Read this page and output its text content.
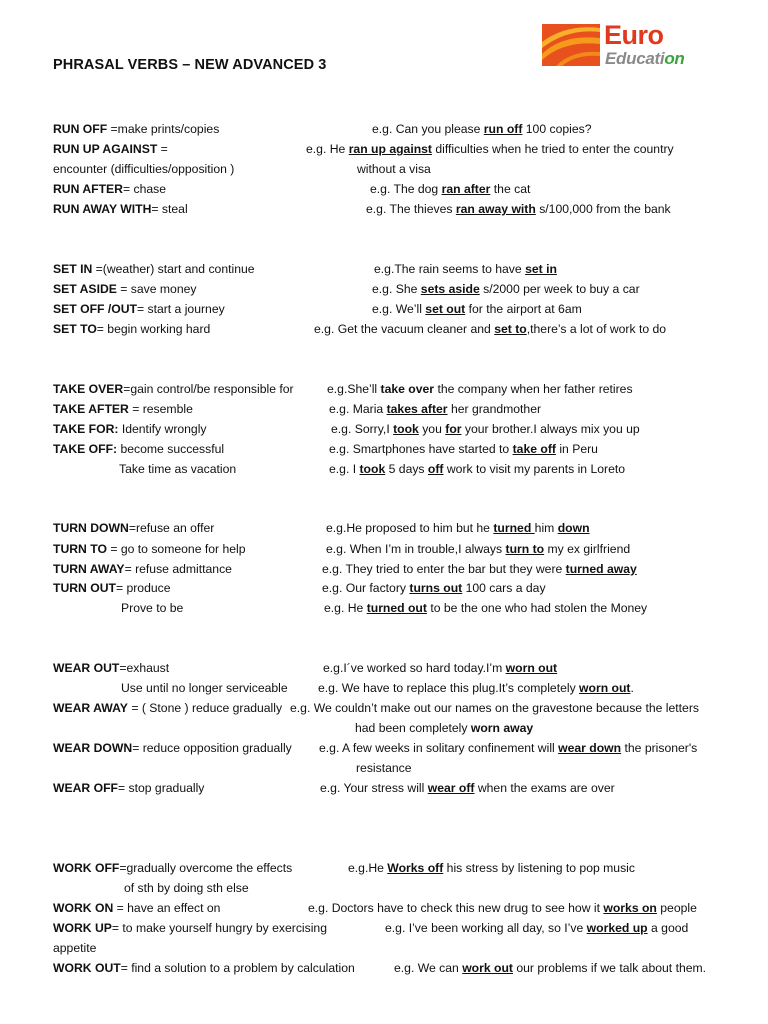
PHRASAL VERBS – NEW ADVANCED 3
Euro
Education
RUN OFF =make prints/copies	e.g. Can you please run off 100 copies?
RUN UP AGAINST =	e.g. He ran up against difficulties when he tried to enter the country
encounter (difficulties/opposition )	without a visa
RUN AFTER= chase	e.g. The dog ran after the cat
RUN AWAY WITH= steal	e.g. The thieves ran away with s/100,000 from the bank
SET IN =(weather) start and continue	e.g.The rain seems to have set in
SET ASIDE = save money	e.g. She sets aside s/2000 per week to buy a car
SET OFF /OUT= start a journey	e.g. We’ll set out for the airport at 6am
SET TO= begin working hard	e.g. Get the vacuum cleaner and set to,there’s a lot of work to do
TAKE OVER=gain control/be responsible for	e.g.She’ll take over the company when her father retires
TAKE AFTER = resemble	e.g. Maria takes after her grandmother
TAKE FOR: Identify wrongly	e.g. Sorry,I took you for your brother.I always mix you up
TAKE OFF: become successful	e.g. Smartphones have started to take off in Peru
Take time as vacation	e.g. I took 5 days off work to visit my parents in Loreto
TURN DOWN=refuse an offer	e.g.He proposed to him but he turned him down
TURN TO = go to someone for help	e.g. When I’m in trouble,I always turn to my ex girlfriend
TURN AWAY= refuse admittance	e.g. They tried to enter the bar but they were turned away
TURN OUT= produce	e.g. Our factory turns out 100 cars a day
Prove to be	e.g. He turned out to be the one who had stolen the Money
WEAR OUT=exhaust	e.g.I´ve worked so hard today.I’m worn out
Use until no longer serviceable e.g. We have to replace this plug.It’s completely worn out.
WEAR AWAY = ( Stone ) reduce gradually e.g. We couldn’t make out our names on the gravestone because the letters
had been completely worn away
WEAR DOWN= reduce opposition gradually e.g. A few weeks in solitary confinement will wear down the prisoner's
resistance
WEAR OFF= stop gradually	e.g. Your stress will wear off when the exams are over
WORK OFF=gradually overcome the effects	e.g.He Works off his stress by listening to pop music
of sth by doing sth else
WORK ON = have an effect on	e.g. Doctors have to check this new drug to see how it works on people
WORK UP= to make yourself hungry by exercising	e.g. I’ve been working all day, so I’ve worked up a good
appetite
WORK OUT= find a solution to a problem by calculation	e.g. We can work out our problems if we talk about them.
